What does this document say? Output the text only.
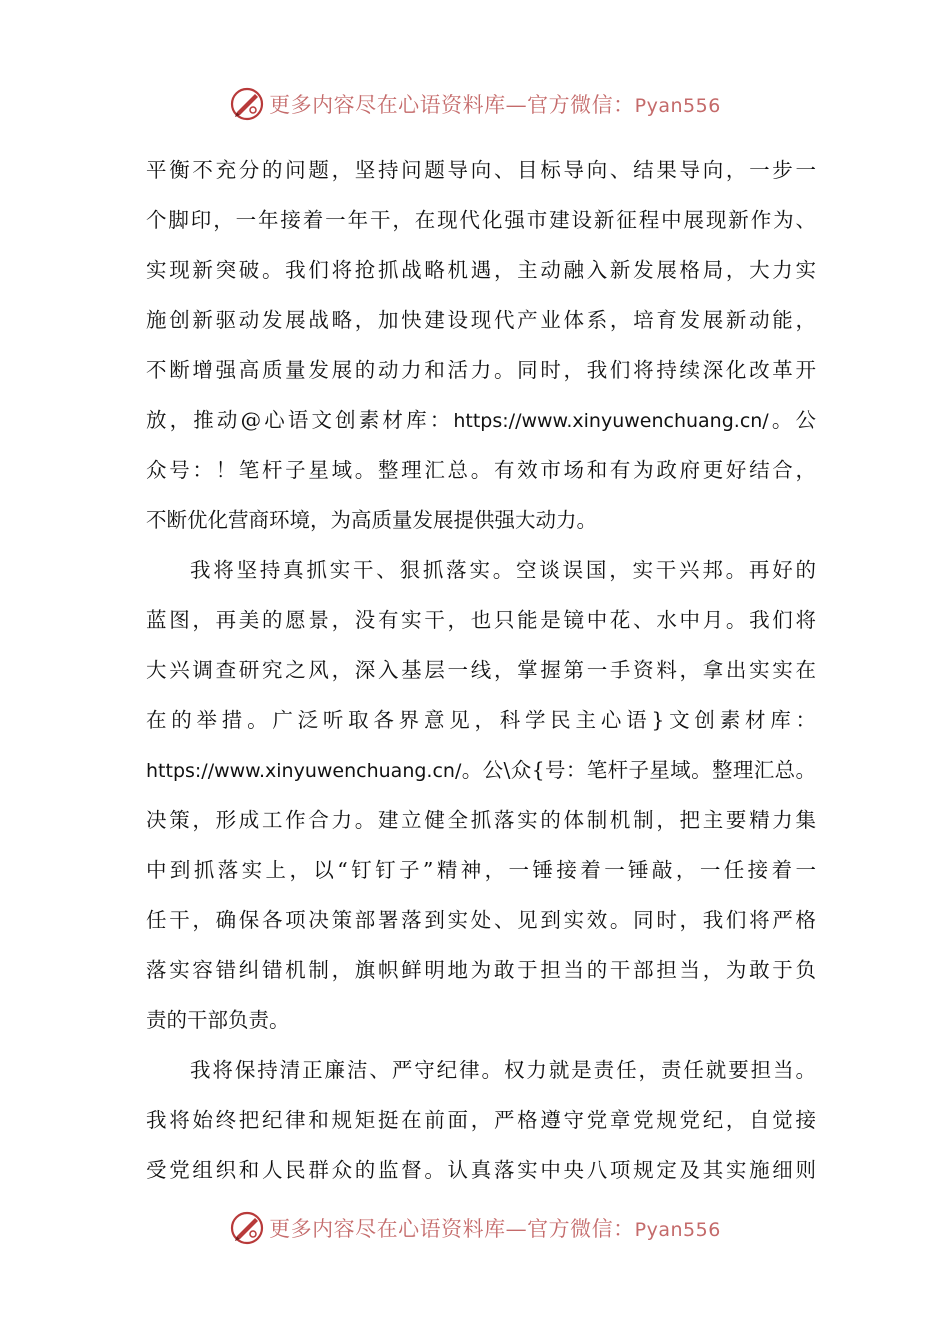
更多内容尽在心语资料库—官方微信：Pyan556
平衡不充分的问题，坚持问题导向、目标导向、结果导向，一步一
个脚印，一年接着一年干，在现代化强市建设新征程中展现新作为、
实现新突破。我们将抢抓战略机遇，主动融入新发展格局，大力实
施创新驱动发展战略，加快建设现代产业体系，培育发展新动能，
不断增强高质量发展的动力和活力。同时，我们将持续深化改革开
放，推动@心语文创素材库：https://www.xinyuwenchuang.cn/。公
众号：！笔杆子星域。整理汇总。有效市场和有为政府更好结合，
不断优化营商环境，为高质量发展提供强大动力。
我将坚持真抓实干、狠抓落实。空谈误国，实干兴邦。再好的
蓝图，再美的愿景，没有实干，也只能是镜中花、水中月。我们将
大兴调查研究之风，深入基层一线，掌握第一手资料，拿出实实在
在的举措。广泛听取各界意见，科学民主心语}文创素材库：
https://www.xinyuwenchuang.cn/。公\众{号：笔杆子星域。整理汇总。
决策，形成工作合力。建立健全抓落实的体制机制，把主要精力集
中到抓落实上，以“钉钉子”精神，一锤接着一锤敲，一任接着一
任干，确保各项决策部署落到实处、见到实效。同时，我们将严格
落实容错纠错机制，旗帜鲜明地为敢于担当的干部担当，为敢于负
责的干部负责。
我将保持清正廉洁、严守纪律。权力就是责任，责任就要担当。
我将始终把纪律和规矩挺在前面，严格遵守党章党规党纪，自觉接
受党组织和人民群众的监督。认真落实中央八项规定及其实施细则
更多内容尽在心语资料库—官方微信：Pyan556
